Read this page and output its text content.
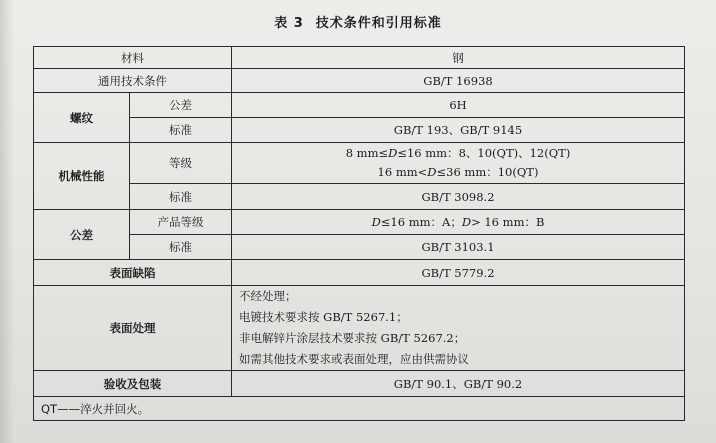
表 3 技术条件和引用标准
材料		钢
通用技术条件		GB/T 16938
螺纹	公差	6H
	标准	GB/T 193、GB/T 9145
机械性能	等级	8 mm≤D≤16 mm：8、10(QT)、12(QT)
16 mm<D≤36 mm：10(QT)

	标准	GB/T 3098.2
公差	产品等级	D≤16 mm：A；D> 16 mm：B
	标准	GB/T 3103.1
表面缺陷		GB/T 5779.2
表面处理		不经处理；
电镀技术要求按 GB/T 5267.1；
非电解锌片涂层技术要求按 GB/T 5267.2；
如需其他技术要求或表面处理，应由供需协议

验收及包装		GB/T 90.1、GB/T 90.2
QT——淬火并回火。		
